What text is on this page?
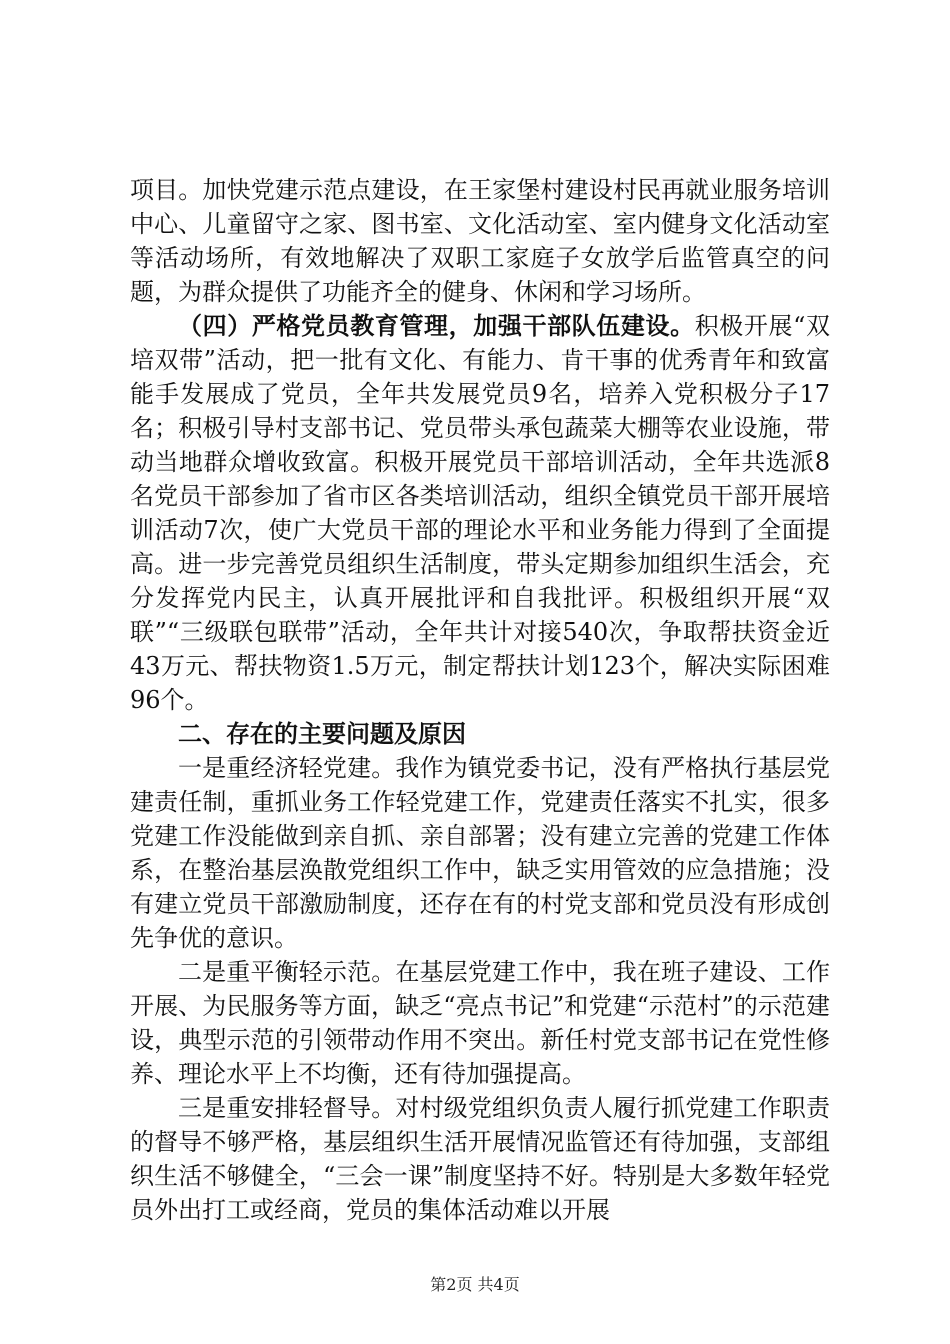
项目。加快党建示范点建设，在王家堡村建设村民再就业服务培训中心、儿童留守之家、图书室、文化活动室、室内健身文化活动室等活动场所，有效地解决了双职工家庭子女放学后监管真空的问题，为群众提供了功能齐全的健身、休闲和学习场所。

（四）严格党员教育管理，加强干部队伍建设。积极开展“双培双带”活动，把一批有文化、有能力、肯干事的优秀青年和致富能手发展成了党员，全年共发展党员9名，培养入党积极分子17名；积极引导村支部书记、党员带头承包蔬菜大棚等农业设施，带动当地群众增收致富。积极开展党员干部培训活动，全年共选派8名党员干部参加了省市区各类培训活动，组织全镇党员干部开展培训活动7次，使广大党员干部的理论水平和业务能力得到了全面提高。进一步完善党员组织生活制度，带头定期参加组织生活会，充分发挥党内民主，认真开展批评和自我批评。积极组织开展“双联”“三级联包联带”活动，全年共计对接540次，争取帮扶资金近43万元、帮扶物资1.5万元，制定帮扶计划123个，解决实际困难96个。

二、存在的主要问题及原因

一是重经济轻党建。我作为镇党委书记，没有严格执行基层党建责任制，重抓业务工作轻党建工作，党建责任落实不扎实，很多党建工作没能做到亲自抓、亲自部署；没有建立完善的党建工作体系，在整治基层涣散党组织工作中，缺乏实用管效的应急措施；没有建立党员干部激励制度，还存在有的村党支部和党员没有形成创先争优的意识。

二是重平衡轻示范。在基层党建工作中，我在班子建设、工作开展、为民服务等方面，缺乏“亮点书记”和党建“示范村”的示范建设，典型示范的引领带动作用不突出。新任村党支部书记在党性修养、理论水平上不均衡，还有待加强提高。

三是重安排轻督导。对村级党组织负责人履行抓党建工作职责的督导不够严格，基层组织生活开展情况监管还有待加强，支部组织生活不够健全，“三会一课”制度坚持不好。特别是大多数年轻党员外出打工或经商，党员的集体活动难以开展

第2页 共4页
